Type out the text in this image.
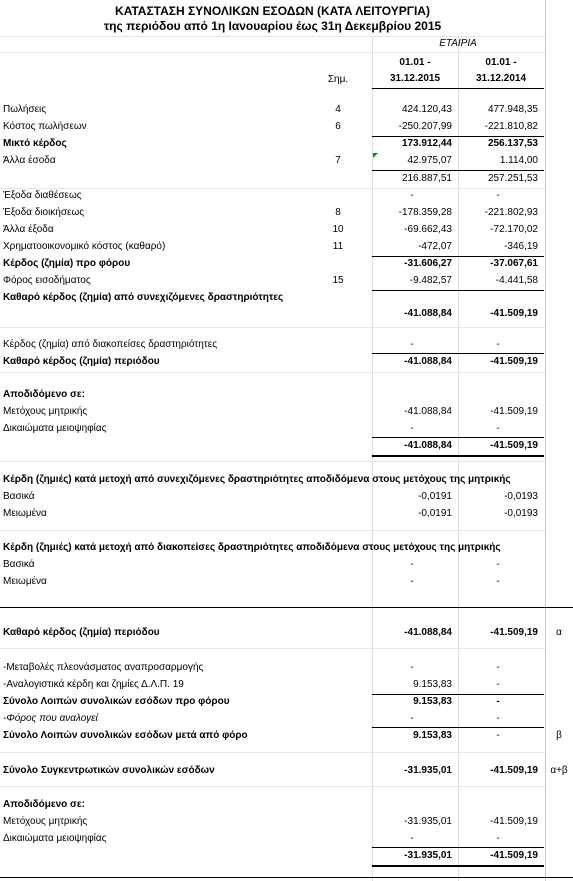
ΚΑΤΑΣΤΑΣΗ ΣΥΝΟΛΙΚΩΝ ΕΣΟΔΩΝ (ΚΑΤΑ ΛΕΙΤΟΥΡΓΙΑ)
της περιόδου από 1η Ιανουαρίου έως 31η Δεκεμβρίου 2015
ΕΤΑΙΡΙΑ
01.01 -	01.01 -
Σημ.	31.12.2015	31.12.2014
Πωλήσεις	4	424.120,43	477.948,35
Κόστος πωλήσεων	6	-250.207,99	-221.810,82
Μικτό κέρδος	173.912,44	256.137,53
Άλλα έσοδα	7	42.975,07	1.114,00
216.887,51	257.251,53
Έξοδα διαθέσεως	-	-
Έξοδα διοικήσεως	8	-178.359,28	-221.802,93
Άλλα έξοδα	10	-69.662,43	-72.170,02
Χρηματοοικονομικό κόστος (καθαρό)	11	-472,07	-346,19
Κέρδος (ζημία) προ φόρου	-31.606,27	-37.067,61
Φόρος εισοδήματος	15	-9.482,57	-4.441,58
Καθαρό κέρδος (ζημία) από συνεχιζόμενες δραστηριότητες
-41.088,84	-41.509,19
Κέρδος (ζημία) από διακοπείσες δραστηριότητες	-	-
Καθαρό κέρδος (ζημία) περιόδου	-41.088,84	-41.509,19
Αποδιδόμενο σε:
Μετόχους μητρικής	-41.088,84	-41.509,19
Δικαιώματα μειοψηφίας	-	-
-41.088,84	-41.509,19
Κέρδη (ζημιές) κατά μετοχή από συνεχιζόμενες δραστηριότητες αποδιδόμενα στους μετόχους της μητρικής
Βασικά	-0,0191	-0,0193
Μειωμένα	-0,0191	-0,0193
Κέρδη (ζημιές) κατά μετοχή από διακοπείσες δραστηριότητες αποδιδόμενα στους μετόχους της μητρικής
Βασικά	-	-
Μειωμένα	-	-
Καθαρό κέρδος (ζημία) περιόδου	-41.088,84	-41.509,19	α
-Μεταβολές πλεονάσματος αναπροσαρμογής	-	-
-Αναλογιστικά κέρδη και ζημίες Δ.Λ.Π. 19	9.153,83	-
Σύνολο Λοιπών συνολικών εσόδων προ φόρου	9.153,83	-
-Φόρος που αναλογεί	-	-
Σύνολο Λοιπών συνολικών εσόδων μετά από φόρο	9.153,83	-	β
Σύνολο Συγκεντρωτικών συνολικών εσόδων	-31.935,01	-41.509,19	α+β
Αποδιδόμενο σε:
Μετόχους μητρικής	-31.935,01	-41.509,19
Δικαιώματα μειοψηφίας	-	-
-31.935,01	-41.509,19
